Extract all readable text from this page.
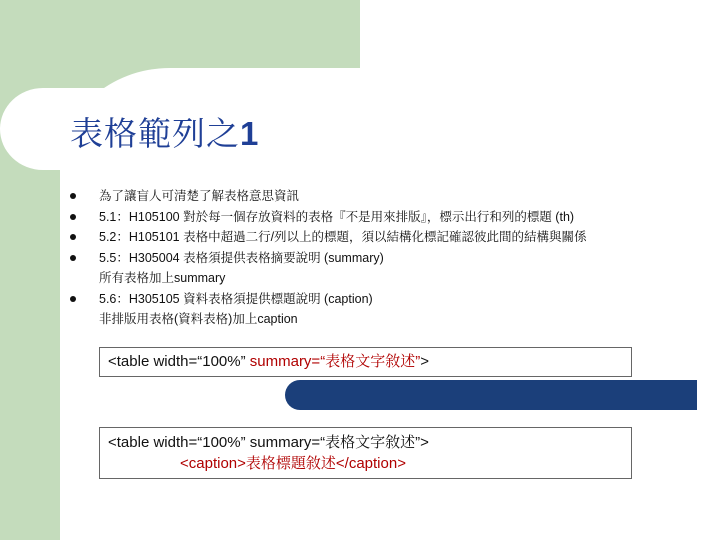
表格範列之1
為了讓盲人可清楚了解表格意思資訊
5.1：H105100 對於每一個存放資料的表格『不是用來排版』，標示出行和列的標題 (th)
5.2：H105101 表格中超過二行/列以上的標題，須以結構化標記確認彼此間的結構與關係
5.5：H305004 表格須提供表格摘要說明 (summary)
所有表格加上summary
5.6：H305105 資料表格須提供標題說明 (caption)
非排版用表格(資料表格)加上caption
<table width=“100%” summary=“表格文字敘述”>
<table width=“100%” summary=“表格文字敘述”>
<caption>表格標題敘述</caption>
